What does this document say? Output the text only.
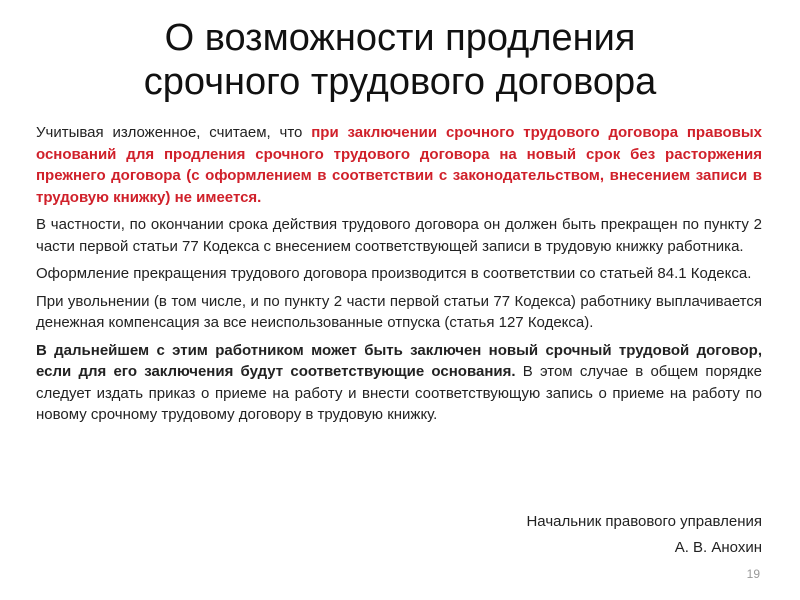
О возможности продления
срочного трудового договора

Учитывая изложенное, считаем, что при заключении срочного трудового договора правовых оснований для продления срочного трудового договора на новый срок без расторжения прежнего договора (с оформлением в соответствии с законодательством, внесением записи в трудовую книжку) не имеется.

В частности, по окончании срока действия трудового договора он должен быть прекращен по пункту 2 части первой статьи 77 Кодекса с внесением соответствующей записи в трудовую книжку работника.

Оформление прекращения трудового договора производится в соответствии со статьей 84.1 Кодекса.

При увольнении (в том числе, и по пункту 2 части первой статьи 77 Кодекса) работнику выплачивается денежная компенсация за все неиспользованные отпуска (статья 127 Кодекса).

В дальнейшем с этим работником может быть заключен новый срочный трудовой договор, если для его заключения будут соответствующие основания. В этом случае в общем порядке следует издать приказ о приеме на работу и внести соответствующую запись о приеме на работу по новому срочному трудовому договору в трудовую книжку.

Начальник правового управления
А. В. Анохин
19
